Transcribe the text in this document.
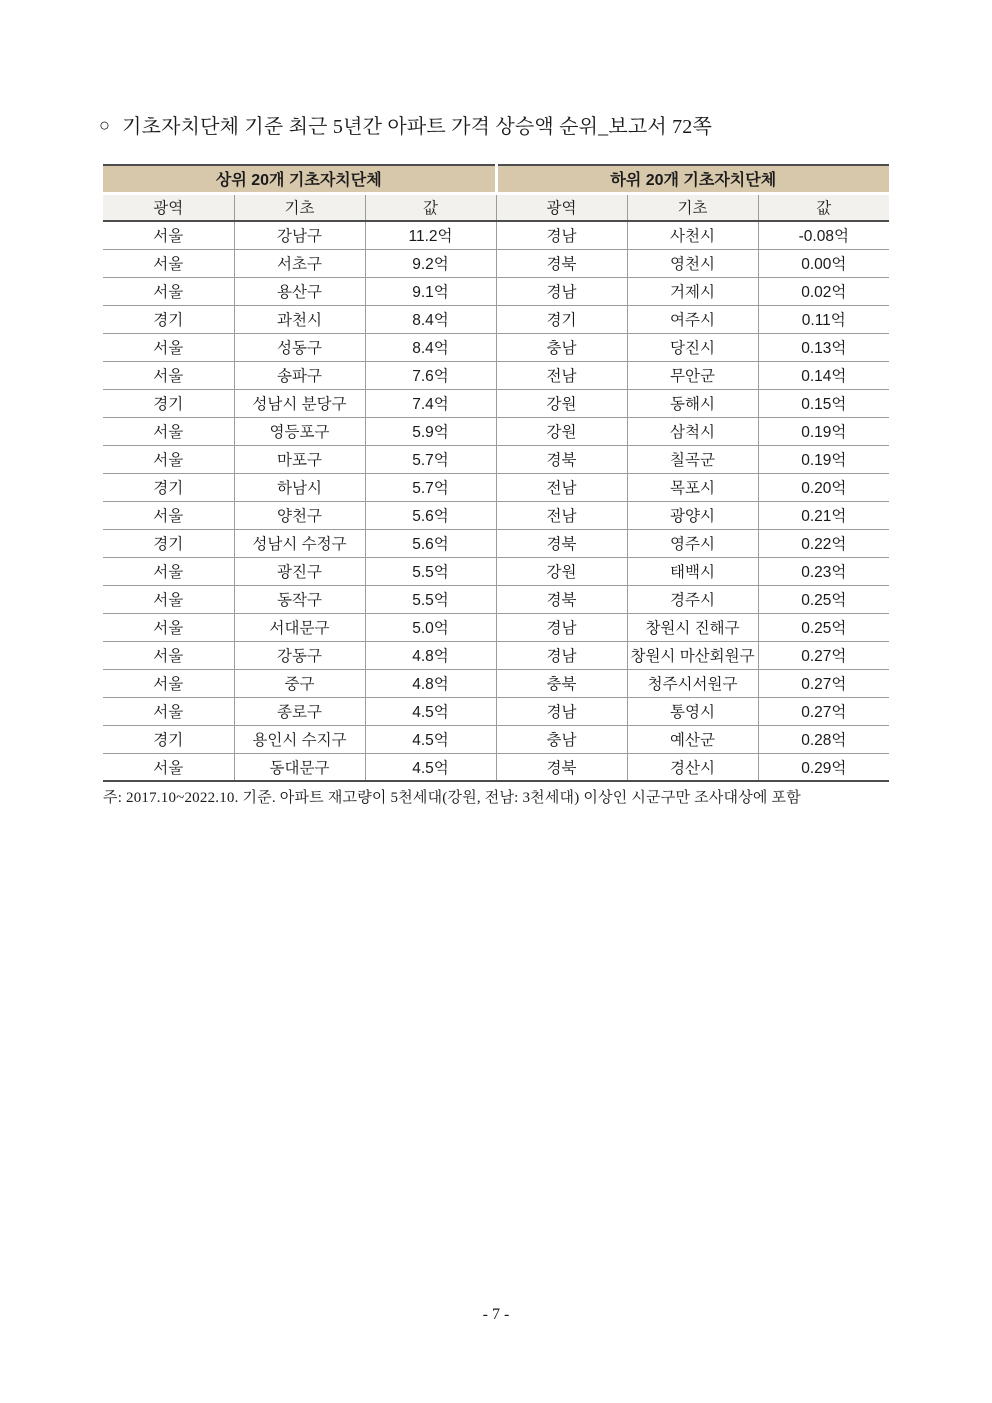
○ 기초자치단체 기준 최근 5년간 아파트 가격 상승액 순위_보고서 72쪽
상위 20개 기초자치단체			하위 20개 기초자치단체		
광역	기초	값	광역	기초	값
서울	강남구	11.2억	경남	사천시	-0.08억
서울	서초구	9.2억	경북	영천시	0.00억
서울	용산구	9.1억	경남	거제시	0.02억
경기	과천시	8.4억	경기	여주시	0.11억
서울	성동구	8.4억	충남	당진시	0.13억
서울	송파구	7.6억	전남	무안군	0.14억
경기	성남시 분당구	7.4억	강원	동해시	0.15억
서울	영등포구	5.9억	강원	삼척시	0.19억
서울	마포구	5.7억	경북	칠곡군	0.19억
경기	하남시	5.7억	전남	목포시	0.20억
서울	양천구	5.6억	전남	광양시	0.21억
경기	성남시 수정구	5.6억	경북	영주시	0.22억
서울	광진구	5.5억	강원	태백시	0.23억
서울	동작구	5.5억	경북	경주시	0.25억
서울	서대문구	5.0억	경남	창원시 진해구	0.25억
서울	강동구	4.8억	경남	창원시 마산회원구	0.27억
서울	중구	4.8억	충북	청주시서원구	0.27억
서울	종로구	4.5억	경남	통영시	0.27억
경기	용인시 수지구	4.5억	충남	예산군	0.28억
서울	동대문구	4.5억	경북	경산시	0.29억
주: 2017.10~2022.10. 기준. 아파트 재고량이 5천세대(강원, 전남: 3천세대) 이상인 시군구만 조사대상에 포함
- 7 -
